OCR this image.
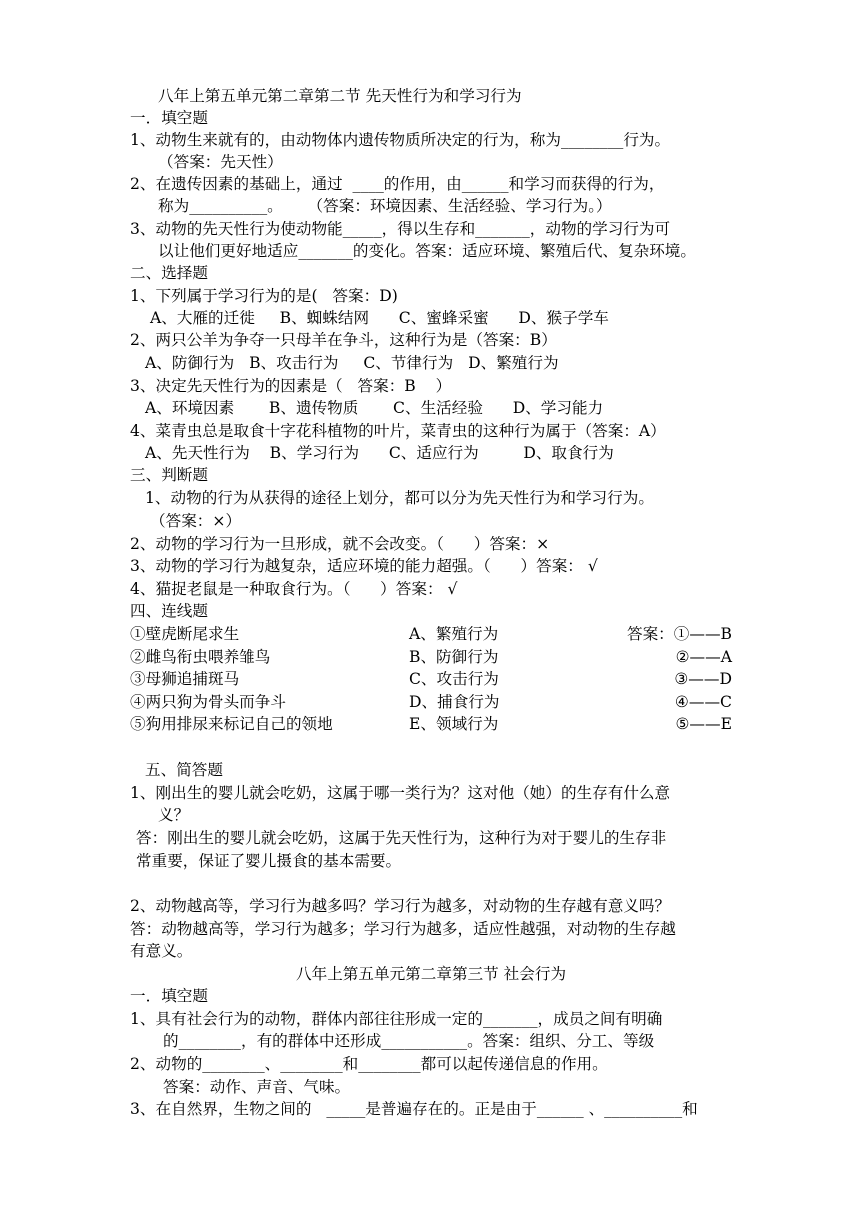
八年上第五单元第二章第二节 先天性行为和学习行为
一．填空题
1、动物生来就有的，由动物体内遗传物质所决定的行为，称为________行为。
（答案：先天性）
2、在遗传因素的基础上，通过  ____的作用，由______和学习而获得的行为，
称为__________。     （答案：环境因素、生活经验、学习行为。）
3、动物的先天性行为使动物能_____，得以生存和_______，动物的学习行为可
以让他们更好地适应_______的变化。答案：适应环境、繁殖后代、复杂环境。
二、选择题
1、下列属于学习行为的是(   答案：D)
A、大雁的迁徙     B、蜘蛛结网      C、蜜蜂采蜜      D、猴子学车
2、两只公羊为争夺一只母羊在争斗，这种行为是（答案：B）
A、防御行为   B、攻击行为     C、节律行为   D、繁殖行为
3、决定先天性行为的因素是（   答案：B    ）
A、环境因素       B、遗传物质       C、生活经验      D、学习能力
4、菜青虫总是取食十字花科植物的叶片，菜青虫的这种行为属于（答案：A）
A、先天性行为    B、学习行为      C、适应行为         D、取食行为
三、判断题
1、动物的行为从获得的途径上划分，都可以分为先天性行为和学习行为。
（答案：×）
2、动物的学习行为一旦形成，就不会改变。（      ）答案：×
3、动物的学习行为越复杂，适应环境的能力超强。（      ）答案： √
4、猫捉老鼠是一种取食行为。（      ）答案： √
四、连线题
①壁虎断尾求生
②雌鸟衔虫喂养雏鸟
③母狮追捕斑马
④两只狗为骨头而争斗
⑤狗用排尿来标记自己的领地
A、繁殖行为
B、防御行为
C、攻击行为
D、捕食行为
E、领域行为
答案：①——B
②——A
③——D
④——C
⑤——E
五、简答题
1、刚出生的婴儿就会吃奶，这属于哪一类行为？这对他（她）的生存有什么意
义？
答：刚出生的婴儿就会吃奶，这属于先天性行为，这种行为对于婴儿的生存非
常重要，保证了婴儿摄食的基本需要。
2、动物越高等，学习行为越多吗？学习行为越多，对动物的生存越有意义吗？
答：动物越高等，学习行为越多；学习行为越多，适应性越强，对动物的生存越
有意义。
八年上第五单元第二章第三节 社会行为
一．填空题
1、具有社会行为的动物，群体内部往往形成一定的_______，成员之间有明确
的________，有的群体中还形成___________。答案：组织、分工、等级
2、动物的________、________和________都可以起传递信息的作用。
答案：动作、声音、气味。
3、在自然界，生物之间的   _____是普遍存在的。正是由于______ 、__________和
